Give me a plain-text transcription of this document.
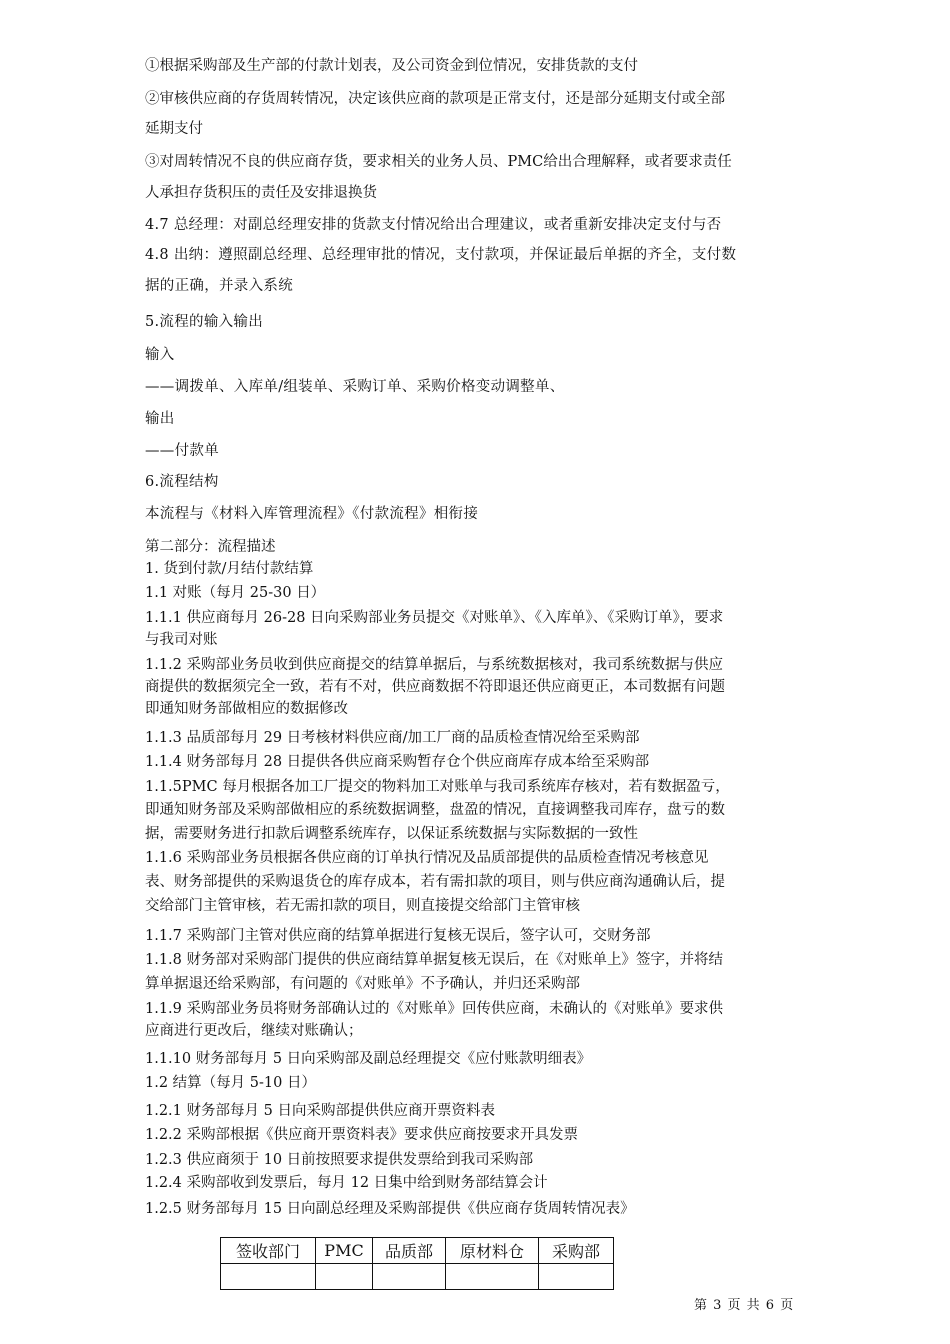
①根据采购部及生产部的付款计划表，及公司资金到位情况，安排货款的支付
②审核供应商的存货周转情况，决定该供应商的款项是正常支付，还是部分延期支付或全部
延期支付
③对周转情况不良的供应商存货，要求相关的业务人员、PMC给出合理解释，或者要求责任
人承担存货积压的责任及安排退换货
4.7 总经理：对副总经理安排的货款支付情况给出合理建议，或者重新安排决定支付与否
4.8 出纳：遵照副总经理、总经理审批的情况，支付款项，并保证最后单据的齐全，支付数
据的正确，并录入系统
5.流程的输入输出
输入
——调拨单、入库单/组装单、采购订单、采购价格变动调整单、
输出
——付款单
6.流程结构
本流程与《材料入库管理流程》《付款流程》相衔接
第二部分：流程描述
1. 货到付款/月结付款结算
1.1 对账（每月 25-30 日）
1.1.1 供应商每月 26-28 日向采购部业务员提交《对账单》、《入库单》、《采购订单》，要求
与我司对账
1.1.2 采购部业务员收到供应商提交的结算单据后，与系统数据核对，我司系统数据与供应
商提供的数据须完全一致，若有不对，供应商数据不符即退还供应商更正，本司数据有问题
即通知财务部做相应的数据修改
1.1.3 品质部每月 29 日考核材料供应商/加工厂商的品质检查情况给至采购部
1.1.4 财务部每月 28 日提供各供应商采购暂存仓个供应商库存成本给至采购部
1.1.5PMC 每月根据各加工厂提交的物料加工对账单与我司系统库存核对，若有数据盈亏，
即通知财务部及采购部做相应的系统数据调整，盘盈的情况，直接调整我司库存，盘亏的数
据，需要财务进行扣款后调整系统库存，以保证系统数据与实际数据的一致性
1.1.6 采购部业务员根据各供应商的订单执行情况及品质部提供的品质检查情况考核意见
表、财务部提供的采购退货仓的库存成本，若有需扣款的项目，则与供应商沟通确认后，提
交给部门主管审核，若无需扣款的项目，则直接提交给部门主管审核
1.1.7 采购部门主管对供应商的结算单据进行复核无误后，签字认可，交财务部
1.1.8 财务部对采购部门提供的供应商结算单据复核无误后，在《对账单上》签字，并将结
算单据退还给采购部，有问题的《对账单》不予确认，并归还采购部
1.1.9 采购部业务员将财务部确认过的《对账单》回传供应商，未确认的《对账单》要求供
应商进行更改后，继续对账确认；
1.1.10 财务部每月 5 日向采购部及副总经理提交《应付账款明细表》
1.2 结算（每月 5-10 日）
1.2.1 财务部每月 5 日向采购部提供供应商开票资料表
1.2.2 采购部根据《供应商开票资料表》要求供应商按要求开具发票
1.2.3 供应商须于 10 日前按照要求提供发票给到我司采购部
1.2.4 采购部收到发票后，每月 12 日集中给到财务部结算会计
1.2.5 财务部每月 15 日向副总经理及采购部提供《供应商存货周转情况表》
签收部门	PMC	品质部	原材料仓	采购部

第 3 页 共 6 页
